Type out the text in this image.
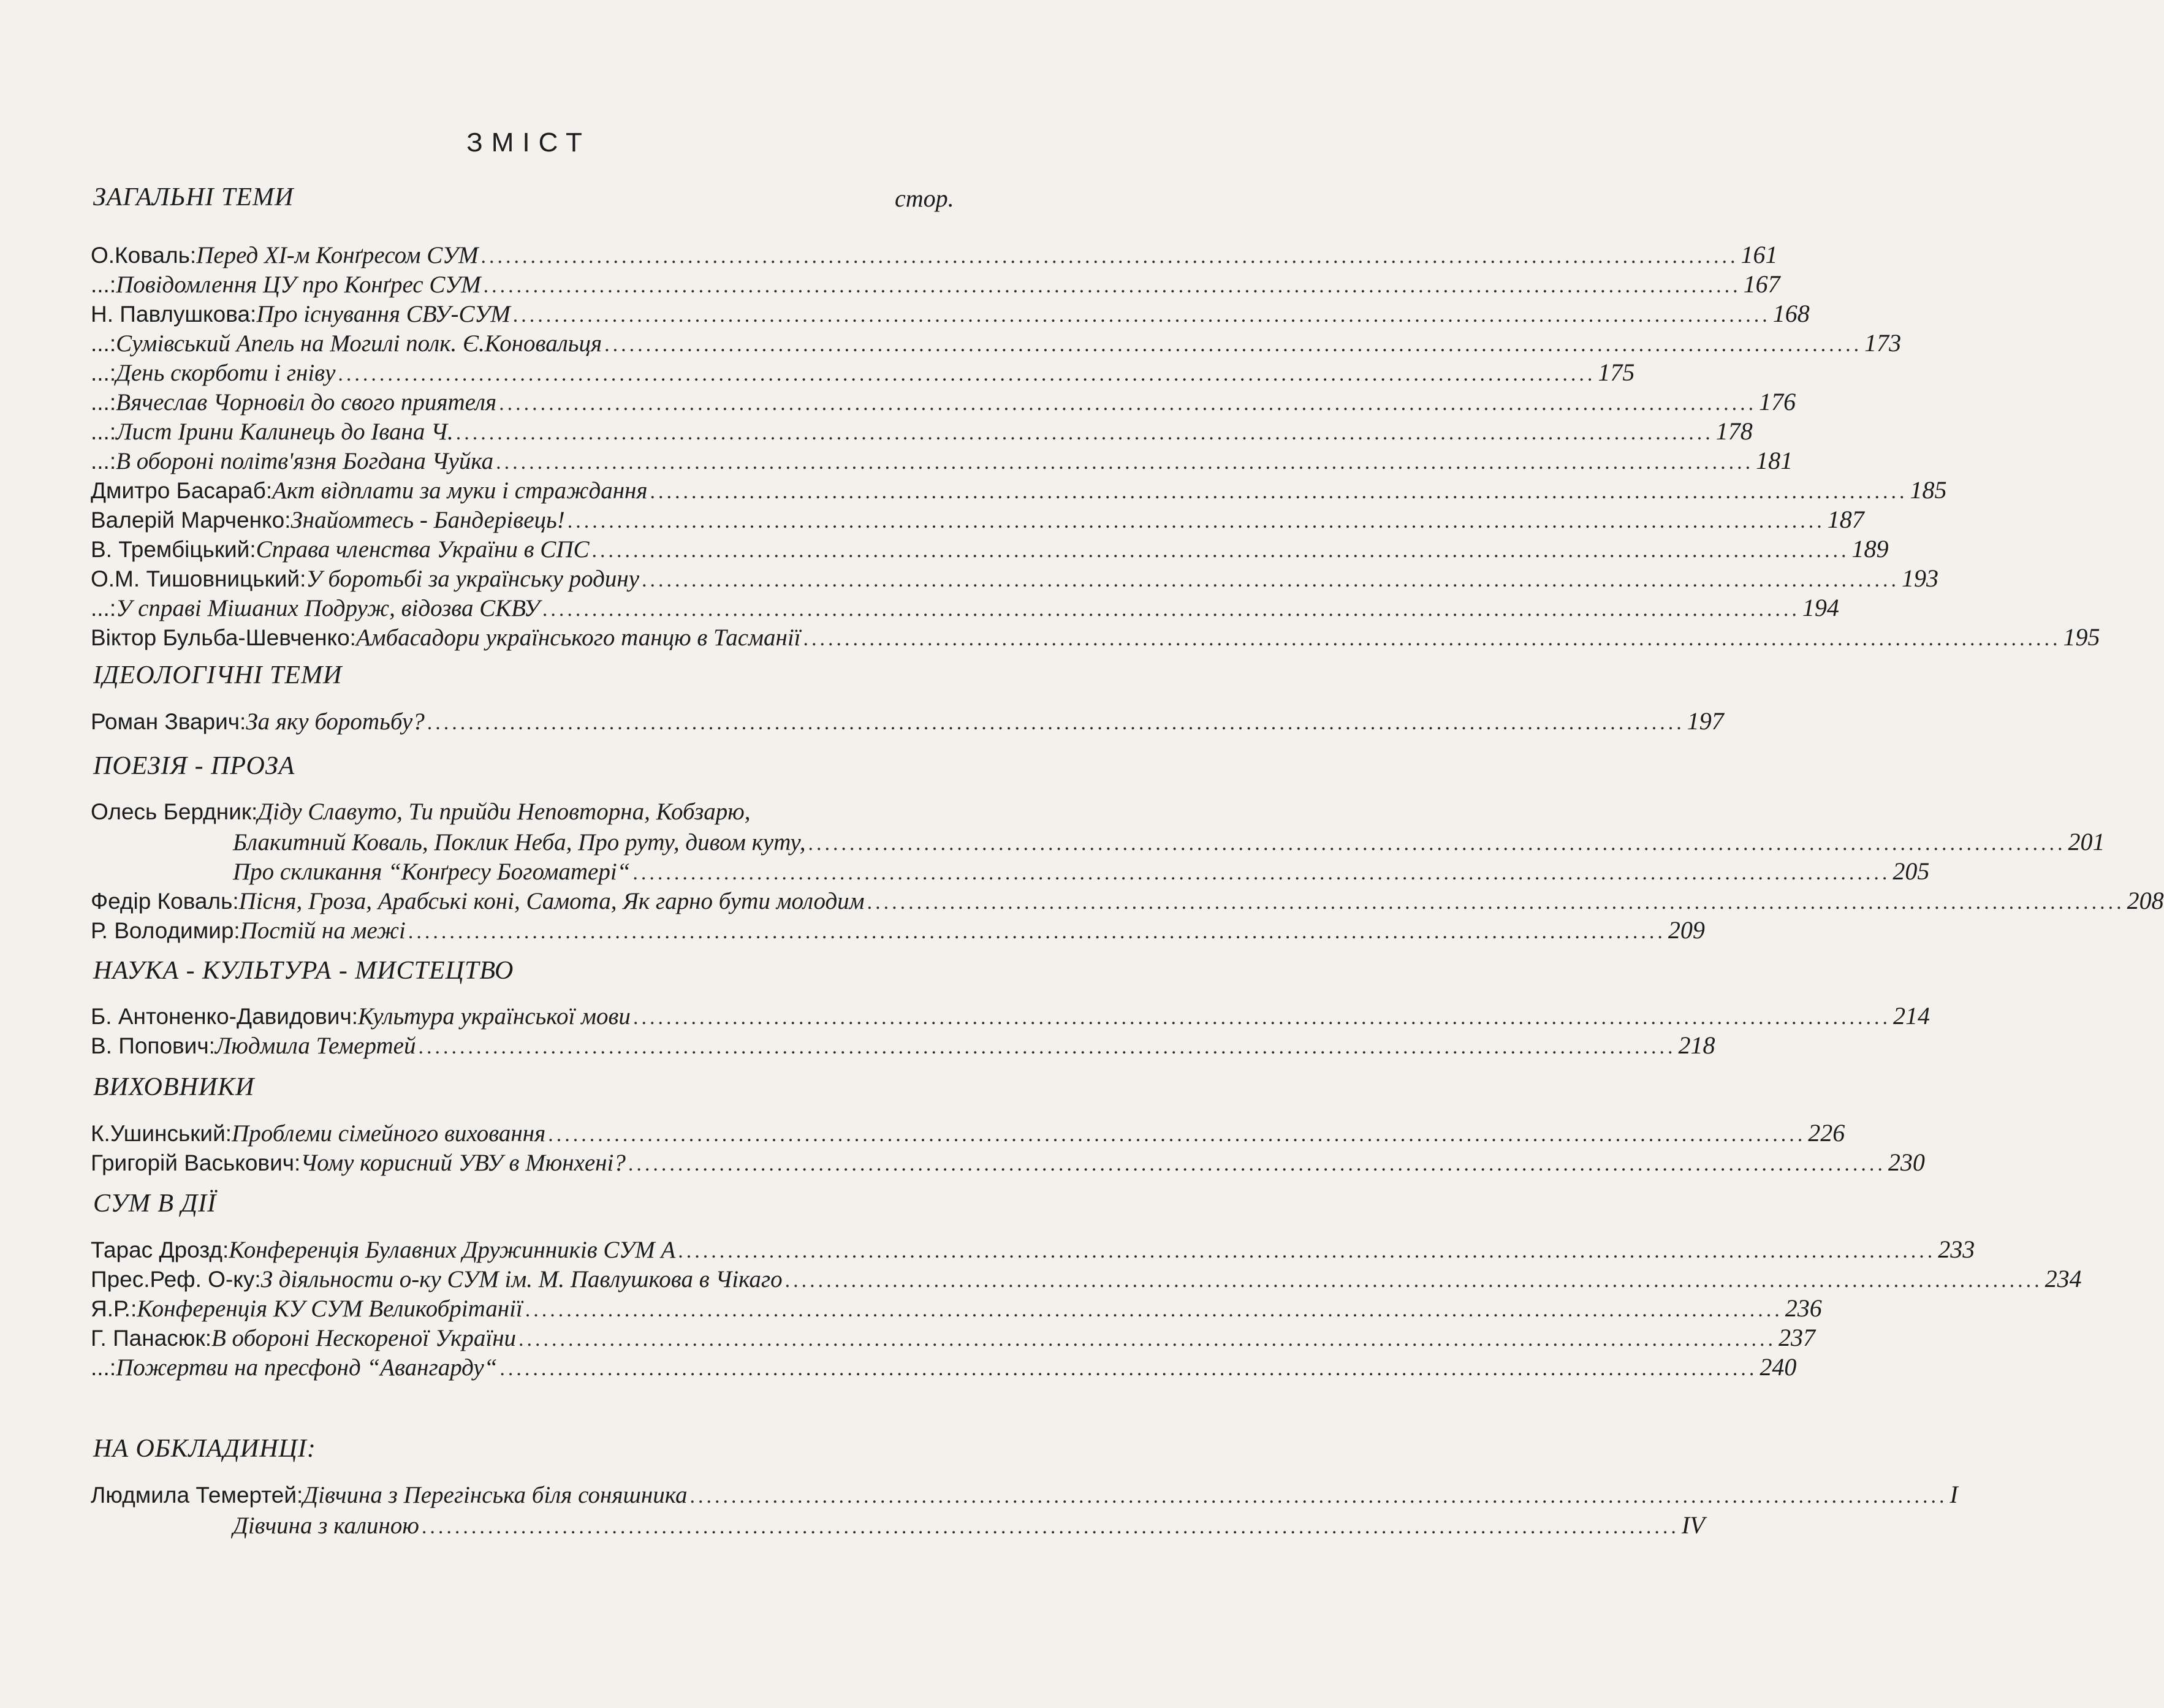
ЗМІСТ
стор.
ЗАГАЛЬНІ ТЕМИ
О.Коваль: Перед XI-м Конґресом СУМ ........................................................................................................................................................ 161
...: Повідомлення ЦУ про Конґрес СУМ ........................................................................................................................................................ 167
Н. Павлушкова: Про існування СВУ-СУМ ........................................................................................................................................................ 168
...: Сумівський Апель на Могилі полк. Є.Коновальця ........................................................................................................................................................ 173
...: День скорботи і гніву ........................................................................................................................................................ 175
...: Вячеслав Чорновіл до свого приятеля ........................................................................................................................................................ 176
...: Лист Ірини Калинець до Івана Ч. ........................................................................................................................................................ 178
...: В обороні політв'язня Богдана Чуйка ........................................................................................................................................................ 181
Дмитро Басараб: Акт відплати за муки і страждання ........................................................................................................................................................ 185
Валерій Марченко: Знайомтесь - Бандерівець! ........................................................................................................................................................ 187
В. Трембіцький: Справа членства України в СПС ........................................................................................................................................................ 189
О.М. Тишовницький: У боротьбі за українську родину ........................................................................................................................................................ 193
...: У справі Мішаних Подруж, відозва СКВУ ........................................................................................................................................................ 194
Віктор Бульба-Шевченко: Амбасадори українського танцю в Тасманії ........................................................................................................................................................ 195
ІДЕОЛОГІЧНІ ТЕМИ
Роман Зварич: За яку боротьбу? ........................................................................................................................................................ 197
ПОЕЗІЯ - ПРОЗА
Олесь Бердник: Діду Славуто, Ти прийди Неповторна, Кобзарю,
Блакитний Коваль, Поклик Неба, Про руту, дивом куту, ........................................................................................................................................................ 201
Про скликання “Конґресу Богоматері“ ........................................................................................................................................................ 205
Федір Коваль: Пісня, Гроза, Арабські коні, Самота, Як гарно бути молодим ........................................................................................................................................................ 208
Р. Володимир: Постій на межі ........................................................................................................................................................ 209
НАУКА - КУЛЬТУРА - МИСТЕЦТВО
Б. Антоненко-Давидович: Культура української мови ........................................................................................................................................................ 214
В. Попович: Людмила Темертей ........................................................................................................................................................ 218
ВИХОВНИКИ
К.Ушинський: Проблеми сімейного виховання ........................................................................................................................................................ 226
Григорій Васькович: Чому корисний УВУ в Мюнхені? ........................................................................................................................................................ 230
СУМ В ДІЇ
Тарас Дрозд: Конференція Булавних Дружинників СУМ А ........................................................................................................................................................ 233
Прес.Реф. О-ку: З діяльности о-ку СУМ ім. М. Павлушкова в Чікаго ........................................................................................................................................................ 234
Я.Р.: Конференція КУ СУМ Великобрітанії ........................................................................................................................................................ 236
Г. Панасюк: В обороні Нескореної України ........................................................................................................................................................ 237
...: Пожертви на пресфонд “Авангарду“ ........................................................................................................................................................ 240
НА ОБКЛАДИНЦІ:
Людмила Темертей: Дівчина з Перегінська біля соняшника ........................................................................................................................................................ I
Дівчина з калиною ........................................................................................................................................................ IV
